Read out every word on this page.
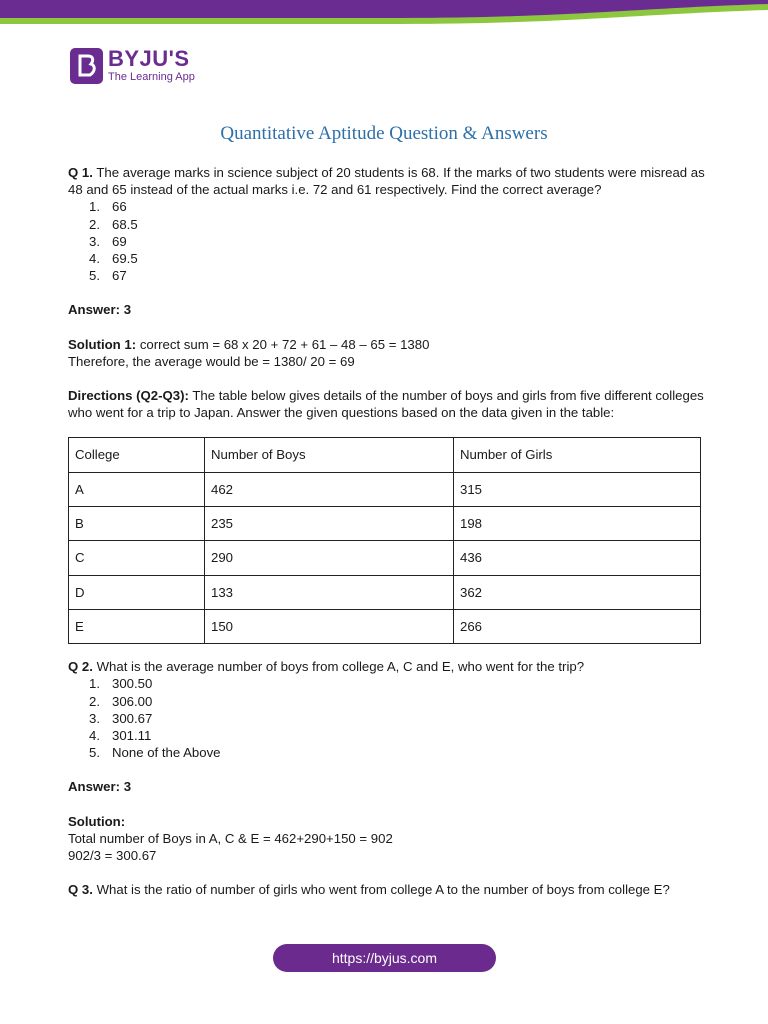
BYJU'S
The Learning App
Quantitative Aptitude Question & Answers

Q 1. The average marks in science subject of 20 students is 68. If the marks of two students were misread as 48 and 65 instead of the actual marks i.e. 72 and 61 respectively. Find the correct average?

1. 66
2. 68.5
3. 69
4. 69.5
5. 67

Answer: 3

Solution 1: correct sum = 68 x 20 + 72 + 61 – 48 – 65 = 1380

Therefore, the average would be = 1380/ 20 = 69

Directions (Q2-Q3): The table below gives details of the number of boys and girls from five different colleges who went for a trip to Japan. Answer the given questions based on the data given in the table:

College	Number of Boys	Number of Girls
A	462	315
B	235	198
C	290	436
D	133	362
E	150	266

Q 2. What is the average number of boys from college A, C and E, who went for the trip?

1. 300.50
2. 306.00
3. 300.67
4. 301.11
5. None of the Above

Answer: 3

Solution:

Total number of Boys in A, C & E = 462+290+150 = 902

902/3 = 300.67

Q 3. What is the ratio of number of girls who went from college A to the number of boys from college E?

https://byjus.com
